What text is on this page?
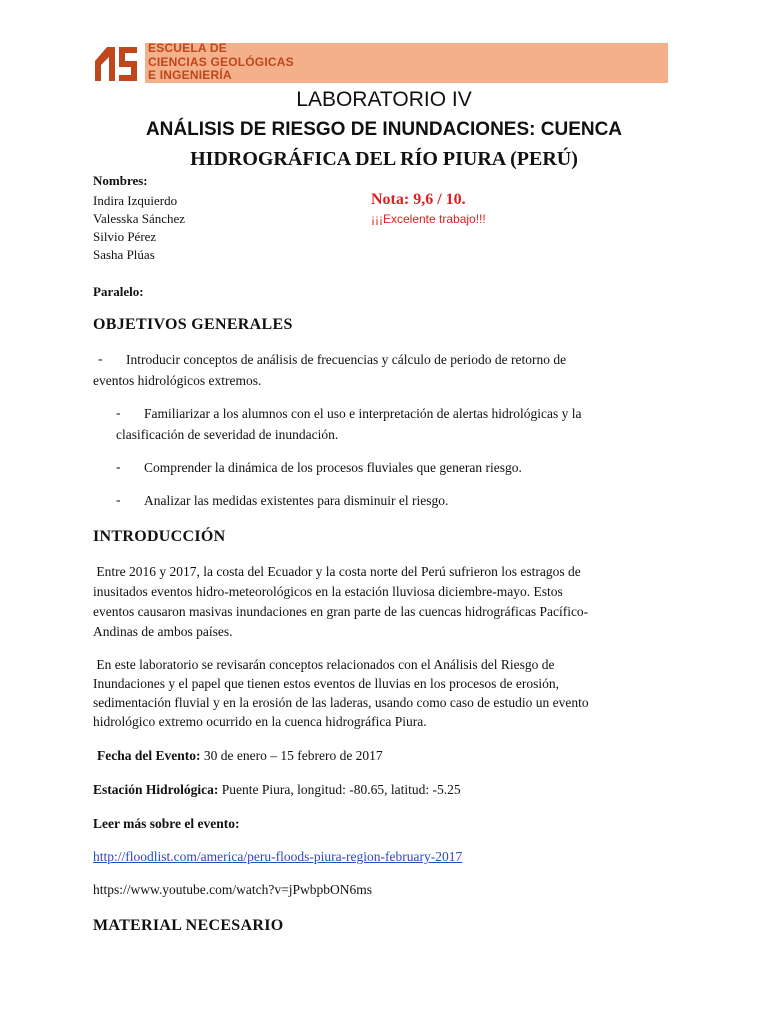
ESCUELA DE
CIENCIAS GEOLÓGICAS
E INGENIERÍA
LABORATORIO IV
ANÁLISIS DE RIESGO DE INUNDACIONES: CUENCA
HIDROGRÁFICA DEL RÍO PIURA (PERÚ)
Nombres:
Indira Izquierdo
Valesska Sánchez
Silvio Pérez
Sasha Plúas
Nota: 9,6 / 10.
¡¡¡Excelente trabajo!!!
Paralelo:
OBJETIVOS GENERALES
- Introducir conceptos de análisis de frecuencias y cálculo de periodo de retorno de
eventos hidrológicos extremos.
- Familiarizar a los alumnos con el uso e interpretación de alertas hidrológicas y la
clasificación de severidad de inundación.
- Comprender la dinámica de los procesos fluviales que generan riesgo.
- Analizar las medidas existentes para disminuir el riesgo.
INTRODUCCIÓN
Entre 2016 y 2017, la costa del Ecuador y la costa norte del Perú sufrieron los estragos de
inusitados eventos hidro-meteorológicos en la estación lluviosa diciembre-mayo. Estos
eventos causaron masivas inundaciones en gran parte de las cuencas hidrográficas Pacífico-
Andinas de ambos países.
En este laboratorio se revisarán conceptos relacionados con el Análisis del Riesgo de
Inundaciones y el papel que tienen estos eventos de lluvias en los procesos de erosión,
sedimentación fluvial y en la erosión de las laderas, usando como caso de estudio un evento
hidrológico extremo ocurrido en la cuenca hidrográfica Piura.
Fecha del Evento: 30 de enero – 15 febrero de 2017
Estación Hidrológica: Puente Piura, longitud: -80.65, latitud: -5.25
Leer más sobre el evento:
http://floodlist.com/america/peru-floods-piura-region-february-2017
https://www.youtube.com/watch?v=jPwbpbON6ms
MATERIAL NECESARIO
